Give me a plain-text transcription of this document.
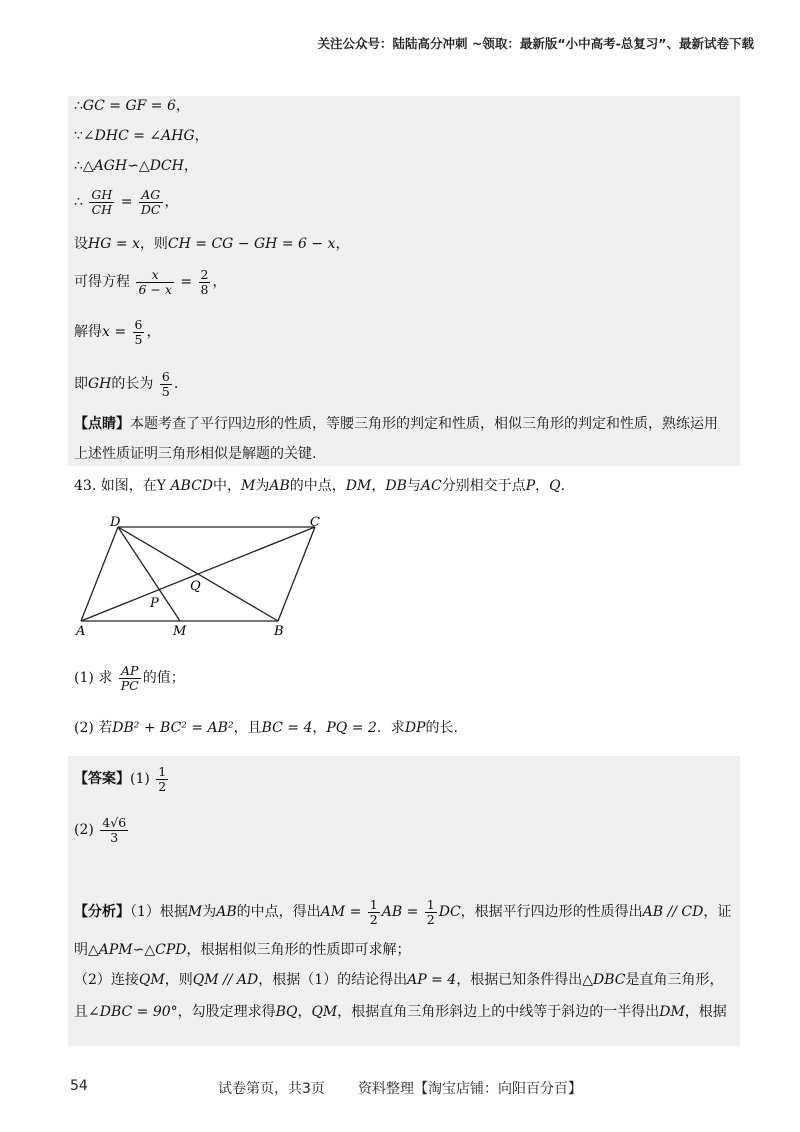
关注公众号：陆陆高分冲刺 ~领取：最新版“小中高考-总复习”、最新试卷下载
∴GC = GF = 6，
∵∠DHC = ∠AHG，
∴△AGH∽△DCH，
∴ $\frac{GH}{CH} = \frac{AG}{DC}$ ，
设HG = x，则CH = CG − GH = 6 − x，
可得方程 $\frac{x}{6 - x} = \frac{2}{8}$ ，
解得$x = \frac{6}{5}$ ，
即GH的长为 $\frac{6}{5}$ .
【点睛】本题考查了平行四边形的性质，等腰三角形的判定和性质，相似三角形的判定和性质，熟练运用
上述性质证明三角形相似是解题的关键.
43. 如图，在Y ABCD中，M为AB的中点，DM，DB与AC分别相交于点P，Q.
D	C
A	M	B
P
Q
(1) 求 $\frac{AP}{PC}$ 的值；
(2) 若DB² + BC² = AB²，且BC = 4，PQ = 2．求DP的长.
【答案】$(1) \frac{1}{2}$
$(2) \frac{4√6}{3}$
【分析】（1）根据M为AB的中点，得出AM = $\frac{1}{2}$ AB = $\frac{1}{2}$ DC，根据平行四边形的性质得出AB // CD，证
明△APM∽△CPD，根据相似三角形的性质即可求解；
（2）连接QM，则QM // AD，根据（1）的结论得出AP = 4，根据已知条件得出△DBC是直角三角形，
且∠DBC = 90°，勾股定理求得BQ，QM，根据直角三角形斜边上的中线等于斜边的一半得出DM，根据
54	试卷第页，共3页 资料整理【淘宝店铺：向阳百分百】
